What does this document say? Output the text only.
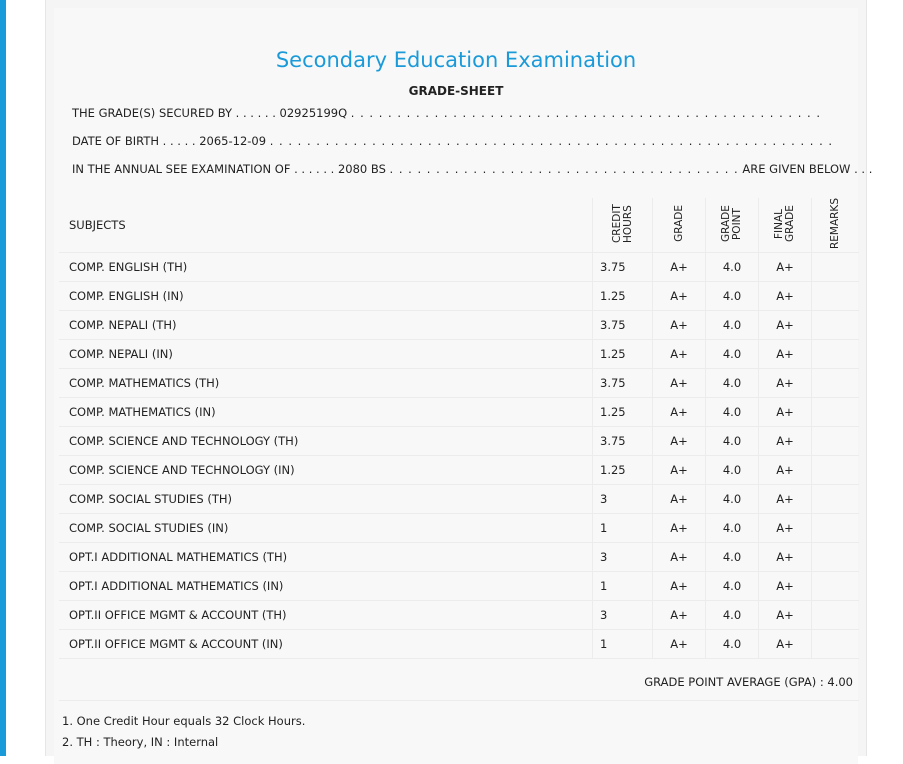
Secondary Education Examination
GRADE-SHEET
THE GRADE(S) SECURED BY . . . . . . 02925199Q . . . . . . . . . . . . . . . . . . . . . . . . . . . . . . . . . . . . . . . . . . . . . . . . . . .
DATE OF BIRTH . . . . . 2065-12-09 . . . . . . . . . . . . . . . . . . . . . . . . . . . . . . . . . . . . . . . . . . . . . . . . . . . . . . . . . . . . .
IN THE ANNUAL SEE EXAMINATION OF . . . . . . 2080 BS . . . . . . . . . . . . . . . . . . . . . . . . . . . . . . . . . . . . . . ARE GIVEN BELOW . . .
SUBJECTS	CREDIT HOURS	GRADE	GRADE POINT	FINAL GRADE	REMARKS
COMP. ENGLISH (TH)	3.75	A+	4.0	A+	
COMP. ENGLISH (IN)	1.25	A+	4.0	A+	
COMP. NEPALI (TH)	3.75	A+	4.0	A+	
COMP. NEPALI (IN)	1.25	A+	4.0	A+	
COMP. MATHEMATICS (TH)	3.75	A+	4.0	A+	
COMP. MATHEMATICS (IN)	1.25	A+	4.0	A+	
COMP. SCIENCE AND TECHNOLOGY (TH)	3.75	A+	4.0	A+	
COMP. SCIENCE AND TECHNOLOGY (IN)	1.25	A+	4.0	A+	
COMP. SOCIAL STUDIES (TH)	3	A+	4.0	A+	
COMP. SOCIAL STUDIES (IN)	1	A+	4.0	A+	
OPT.I ADDITIONAL MATHEMATICS (TH)	3	A+	4.0	A+	
OPT.I ADDITIONAL MATHEMATICS (IN)	1	A+	4.0	A+	
OPT.II OFFICE MGMT & ACCOUNT (TH)	3	A+	4.0	A+	
OPT.II OFFICE MGMT & ACCOUNT (IN)	1	A+	4.0	A+	
GRADE POINT AVERAGE (GPA) : 4.00
1. One Credit Hour equals 32 Clock Hours.
2. TH : Theory, IN : Internal
